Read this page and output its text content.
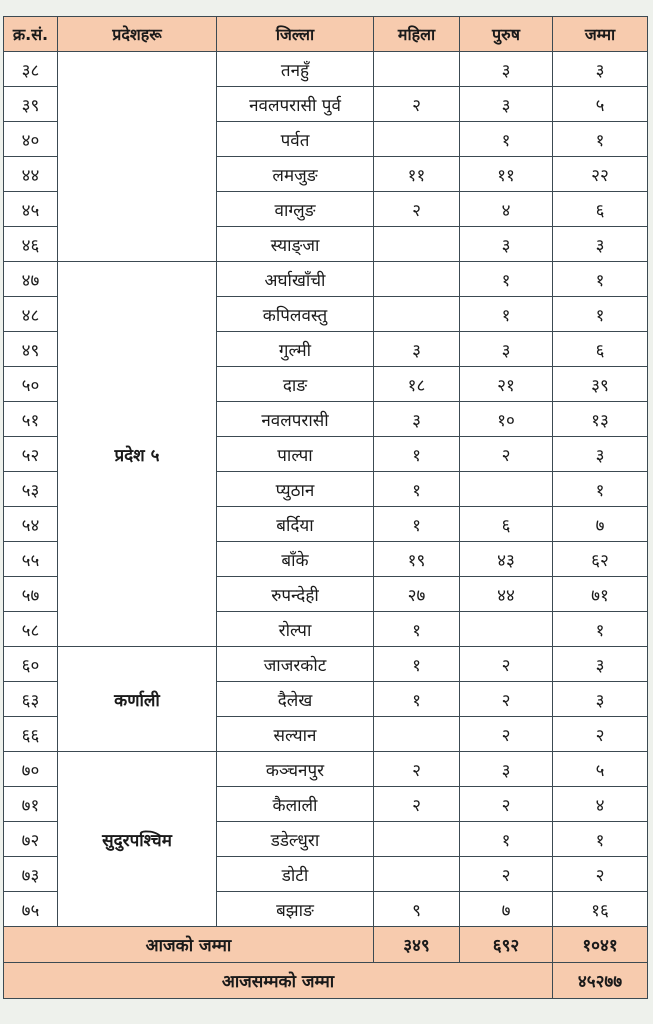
क्र.सं.	प्रदेशहरू	जिल्ला	महिला	पुरुष	जम्मा
३८		तनहुँ		३	३
३९		नवलपरासी पुर्व	२	३	५
४०		पर्वत		१	१
४४		लमजुङ	११	११	२२
४५		वाग्लुङ	२	४	६
४६		स्याङ्जा		३	३
४७	प्रदेश ५	अर्घाखाँची		१	१
४८		कपिलवस्तु		१	१
४९		गुल्मी	३	३	६
५०		दाङ	१८	२१	३९
५१		नवलपरासी	३	१०	१३
५२		पाल्पा	१	२	३
५३		प्युठान	१		१
५४		बर्दिया	१	६	७
५५		बाँके	१९	४३	६२
५७		रुपन्देही	२७	४४	७१
५८		रोल्पा	१		१
६०	कर्णाली	जाजरकोट	१	२	३
६३		दैलेख	१	२	३
६६		सल्यान		२	२
७०	सुदुरपश्चिम	कञ्चनपुर	२	३	५
७१		कैलाली	२	२	४
७२		डडेल्धुरा		१	१
७३		डोटी		२	२
७५		बझाङ	९	७	१६
आजको जम्मा			३४९	६९२	१०४१
आजसम्मको जम्मा					४५२७७
